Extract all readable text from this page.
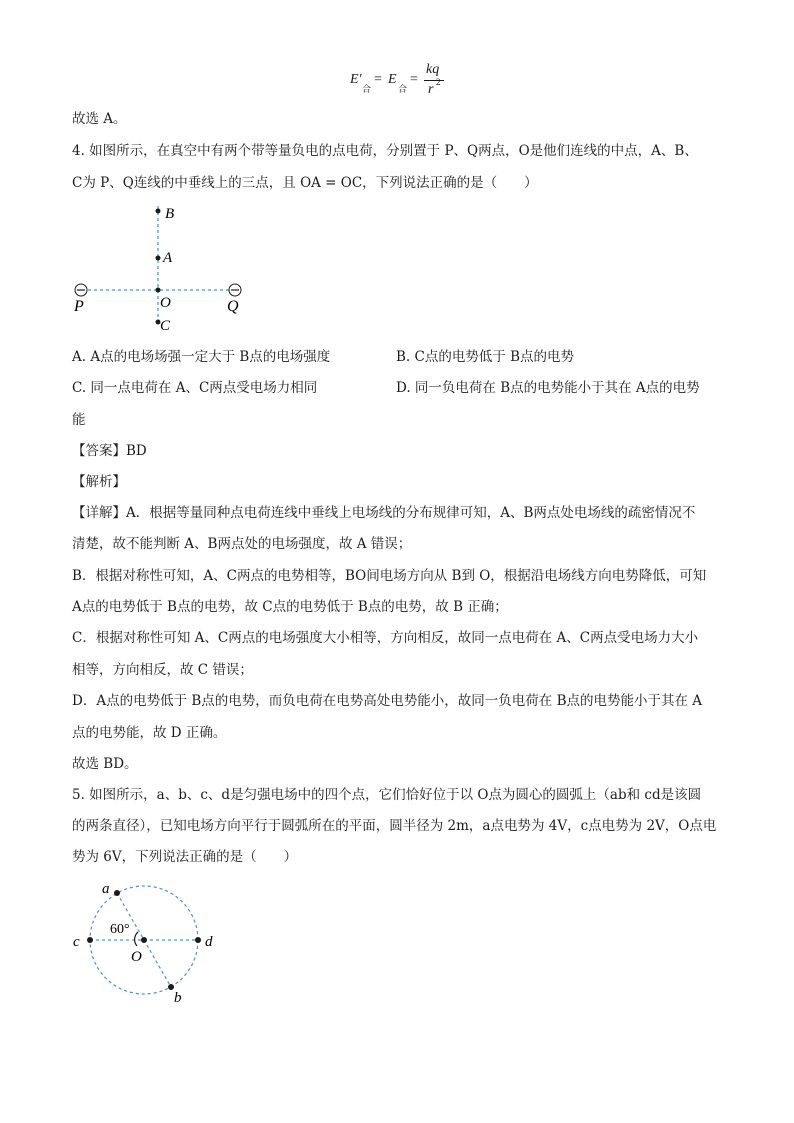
E′
合
= E
合
=
kq
r 2
故选 A。
4. 如图所示，在真空中有两个带等量负电的点电荷，分别置于 P、Q两点，O是他们连线的中点，A、B、
C为 P、Q连线的中垂线上的三点，且 OA = OC，下列说法正确的是（　　）
B
A
O
C
P	Q
A. A点的电场场强一定大于 B点的电场强度	B. C点的电势低于 B点的电势
C. 同一点电荷在 A、C两点受电场力相同	D. 同一负电荷在 B点的电势能小于其在 A点的电势
能
【答案】BD
【解析】
【详解】A．根据等量同种点电荷连线中垂线上电场线的分布规律可知，A、B两点处电场线的疏密情况不
清楚，故不能判断 A、B两点处的电场强度，故 A 错误；
B．根据对称性可知，A、C两点的电势相等，BO间电场方向从 B到 O，根据沿电场线方向电势降低，可知
A点的电势低于 B点的电势，故 C点的电势低于 B点的电势，故 B 正确；
C．根据对称性可知 A、C两点的电场强度大小相等，方向相反，故同一点电荷在 A、C两点受电场力大小
相等，方向相反，故 C 错误；
D．A点的电势低于 B点的电势，而负电荷在电势高处电势能小，故同一负电荷在 B点的电势能小于其在 A
点的电势能，故 D 正确。
故选 BD。
5. 如图所示，a、b、c、d是匀强电场中的四个点，它们恰好位于以 O点为圆心的圆弧上（ab和 cd是该圆
的两条直径），已知电场方向平行于圆弧所在的平面，圆半径为 2m，a点电势为 4V，c点电势为 2V，O点电
势为 6V，下列说法正确的是（　　）
a
b
c	d
O
60°
